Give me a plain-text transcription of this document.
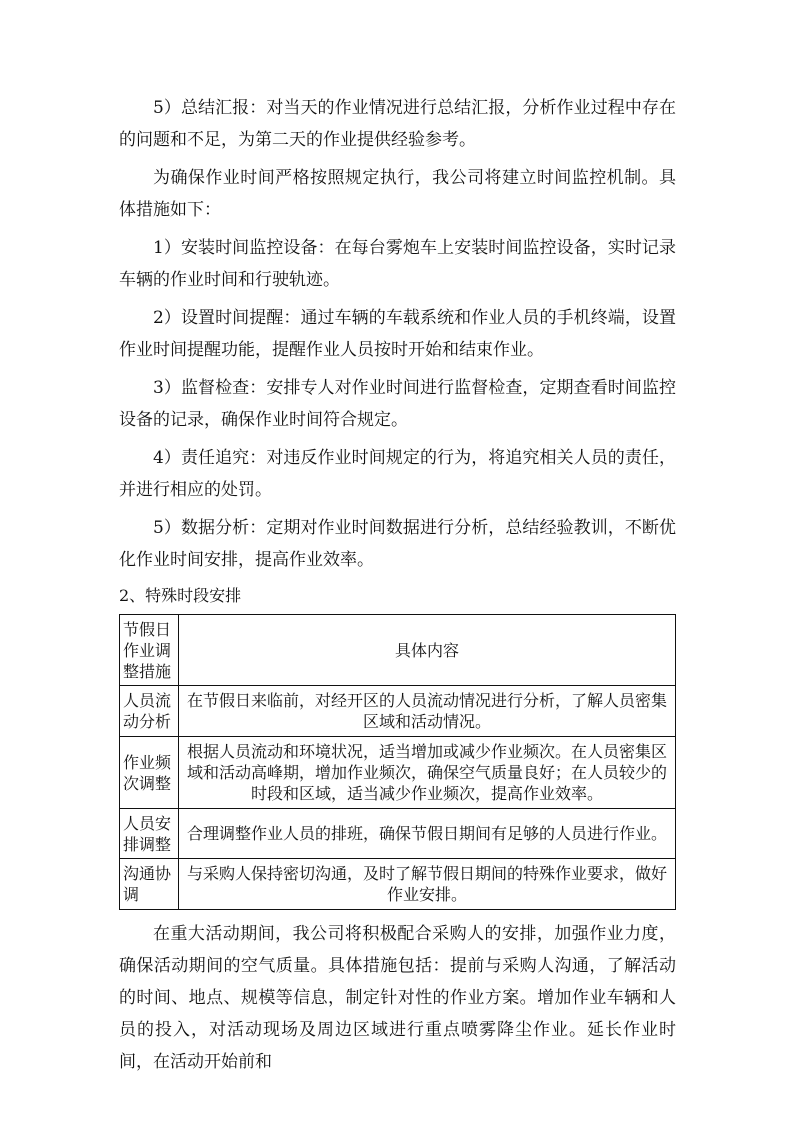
5）总结汇报：对当天的作业情况进行总结汇报，分析作业过程中存在的问题和不足，为第二天的作业提供经验参考。

为确保作业时间严格按照规定执行，我公司将建立时间监控机制。具体措施如下：

1）安装时间监控设备：在每台雾炮车上安装时间监控设备，实时记录车辆的作业时间和行驶轨迹。

2）设置时间提醒：通过车辆的车载系统和作业人员的手机终端，设置作业时间提醒功能，提醒作业人员按时开始和结束作业。

3）监督检查：安排专人对作业时间进行监督检查，定期查看时间监控设备的记录，确保作业时间符合规定。

4）责任追究：对违反作业时间规定的行为，将追究相关人员的责任，并进行相应的处罚。

5）数据分析：定期对作业时间数据进行分析，总结经验教训，不断优化作业时间安排，提高作业效率。

2、特殊时段安排

节假日作业调整措施	具体内容
人员流动分析	在节假日来临前，对经开区的人员流动情况进行分析，了解人员密集区域和活动情况。
作业频次调整	根据人员流动和环境状况，适当增加或减少作业频次。在人员密集区域和活动高峰期，增加作业频次，确保空气质量良好；在人员较少的时段和区域，适当减少作业频次，提高作业效率。
人员安排调整	合理调整作业人员的排班，确保节假日期间有足够的人员进行作业。
沟通协调	与采购人保持密切沟通，及时了解节假日期间的特殊作业要求，做好作业安排。

在重大活动期间，我公司将积极配合采购人的安排，加强作业力度，确保活动期间的空气质量。具体措施包括：提前与采购人沟通，了解活动的时间、地点、规模等信息，制定针对性的作业方案。增加作业车辆和人员的投入，对活动现场及周边区域进行重点喷雾降尘作业。延长作业时间，在活动开始前和
